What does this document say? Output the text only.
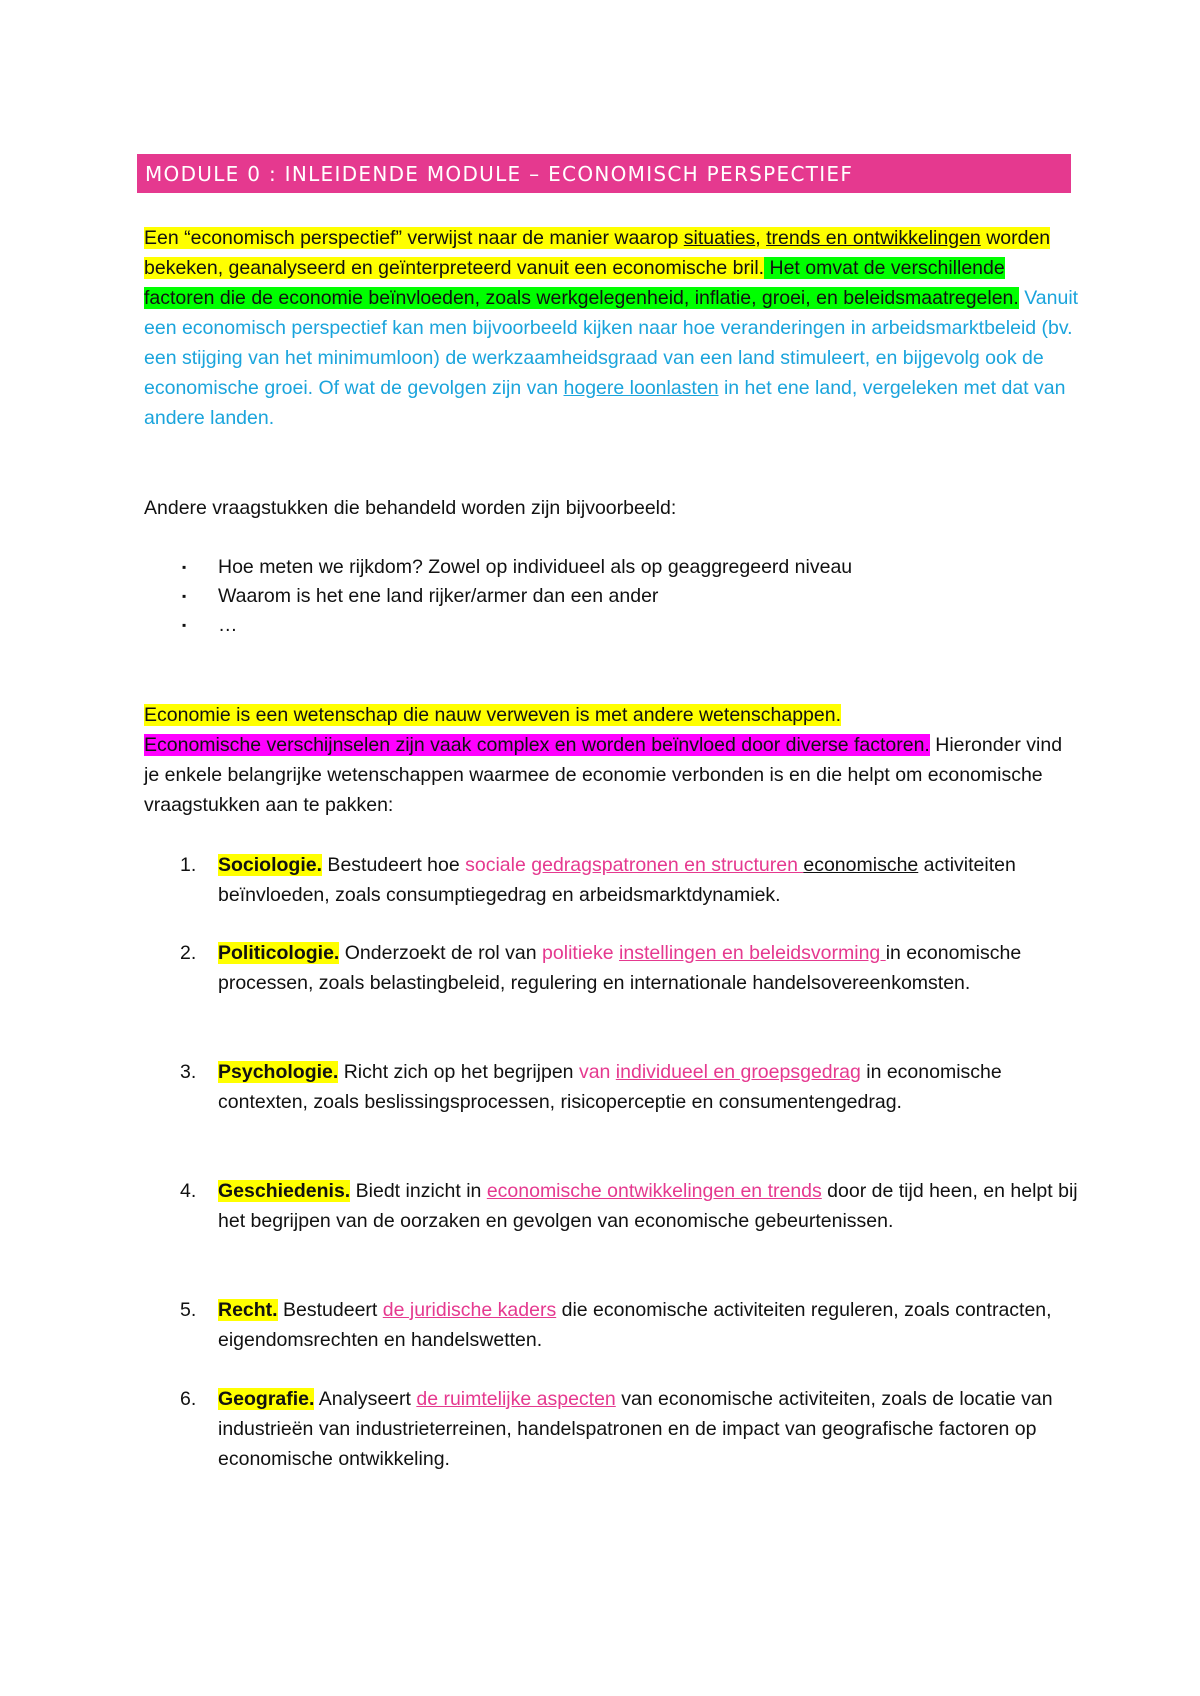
MODULE 0 : INLEIDENDE MODULE – ECONOMISCH PERSPECTIEF
Een “economisch perspectief” verwijst naar de manier waarop situaties, trends en ontwikkelingen worden bekeken, geanalyseerd en geïnterpreteerd vanuit een economische bril. Het omvat de verschillende factoren die de economie beïnvloeden, zoals werkgelegenheid, inflatie, groei, en beleidsmaatregelen. Vanuit een economisch perspectief kan men bijvoorbeeld kijken naar hoe veranderingen in arbeidsmarktbeleid (bv. een stijging van het minimumloon) de werkzaamheidsgraad van een land stimuleert, en bijgevolg ook de economische groei. Of wat de gevolgen zijn van hogere loonlasten in het ene land, vergeleken met dat van andere landen.
Andere vraagstukken die behandeld worden zijn bijvoorbeeld:
▪	Hoe meten we rijkdom? Zowel op individueel als op geaggregeerd niveau
▪	Waarom is het ene land rijker/armer dan een ander
▪	…
Economie is een wetenschap die nauw verweven is met andere wetenschappen.
Economische verschijnselen zijn vaak complex en worden beïnvloed door diverse factoren. Hieronder vind je enkele belangrijke wetenschappen waarmee de economie verbonden is en die helpt om economische vraagstukken aan te pakken:
1. Sociologie. Bestudeert hoe sociale gedragspatronen en structuren economische activiteiten beïnvloeden, zoals consumptiegedrag en arbeidsmarktdynamiek.
2. Politicologie. Onderzoekt de rol van politieke instellingen en beleidsvorming in economische processen, zoals belastingbeleid, regulering en internationale handelsovereenkomsten.
3. Psychologie. Richt zich op het begrijpen van individueel en groepsgedrag in economische contexten, zoals beslissingsprocessen, risicoperceptie en consumentengedrag.
4. Geschiedenis. Biedt inzicht in economische ontwikkelingen en trends door de tijd heen, en helpt bij het begrijpen van de oorzaken en gevolgen van economische gebeurtenissen.
5. Recht. Bestudeert de juridische kaders die economische activiteiten reguleren, zoals contracten, eigendomsrechten en handelswetten.
6. Geografie. Analyseert de ruimtelijke aspecten van economische activiteiten, zoals de locatie van industrieën van industrieterreinen, handelspatronen en de impact van geografische factoren op economische ontwikkeling.
